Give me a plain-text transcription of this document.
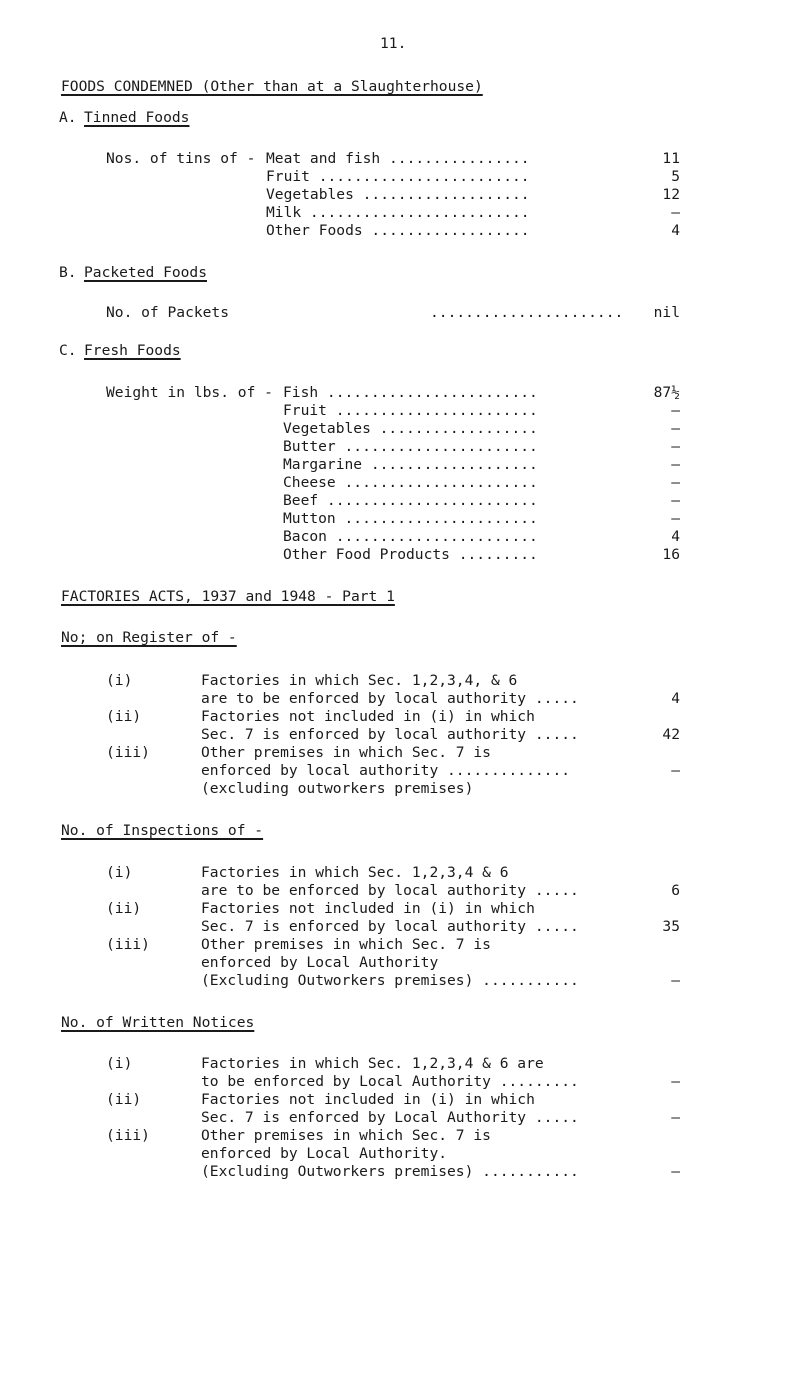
11.
FOODS CONDEMNED (Other than at a Slaughterhouse)
A. Tinned Foods
Nos. of tins of - Meat and fish ................	11
Fruit ........................	5
Vegetables ...................	12
Milk .........................	–
Other Foods ..................	4
B. Packeted Foods
No. of Packets	......................	nil
C. Fresh Foods
Weight in lbs. of - Fish ........................	87½
Fruit .......................	–
Vegetables ..................	–
Butter ......................	–
Margarine ...................	–
Cheese ......................	–
Beef ........................	–
Mutton ......................	–
Bacon .......................	4
Other Food Products .........	16
FACTORIES ACTS, 1937 and 1948 - Part 1
No; on Register of -
(i)	Factories in which Sec. 1,2,3,4, & 6
are to be enforced by local authority .....	4
(ii)	Factories not included in (i) in which
Sec. 7 is enforced by local authority .....	42
(iii)	Other premises in which Sec. 7 is
enforced by local authority ..............	–
(excluding outworkers premises)
No. of Inspections of -
(i)	Factories in which Sec. 1,2,3,4 & 6
are to be enforced by local authority .....	6
(ii)	Factories not included in (i) in which
Sec. 7 is enforced by local authority .....	35
(iii)	Other premises in which Sec. 7 is
enforced by Local Authority
(Excluding Outworkers premises) ...........	–
No. of Written Notices
(i)	Factories in which Sec. 1,2,3,4 & 6 are
to be enforced by Local Authority .........	–
(ii)	Factories not included in (i) in which
Sec. 7 is enforced by Local Authority .....	–
(iii)	Other premises in which Sec. 7 is
enforced by Local Authority.
(Excluding Outworkers premises) ...........	–
